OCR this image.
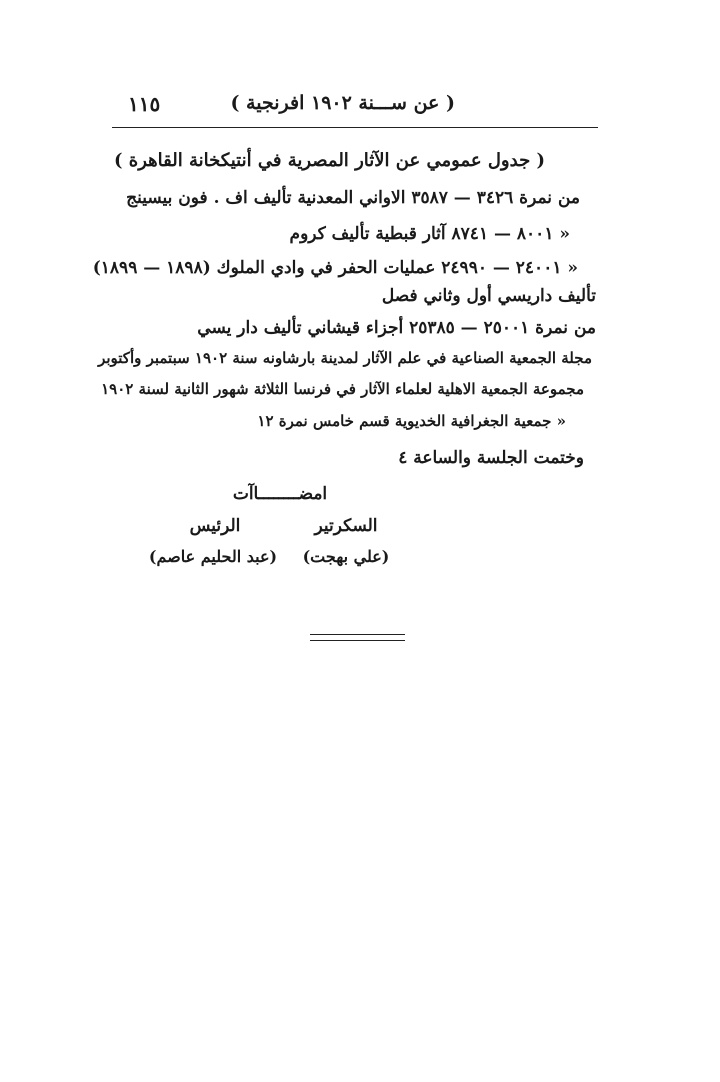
( عن ســـنة ١٩٠٢ افرنجية )
١١٥
( جدول عمومي عن الآثار المصرية في أنتيكخانة القاهرة )
من نمرة ٣٤٢٦ — ٣٥٨٧ الاواني المعدنية تأليف اف . فون بيسينج
« ٨٠٠١ — ٨٧٤١ آثار قبطية تأليف كروم
« ٢٤٠٠١ — ٢٤٩٩٠ عمليات الحفر في وادي الملوك (١٨٩٨ — ١٨٩٩)
تأليف داريسي أول وثاني فصل
من نمرة ٢٥٠٠١ — ٢٥٣٨٥ أجزاء قيشاني تأليف دار يسي
مجلة الجمعية الصناعية في علم الآثار لمدينة بارشاونه سنة ١٩٠٢ سبتمبر وأكتوبر
مجموعة الجمعية الاهلية لعلماء الآثار في فرنسا الثلاثة شهور الثانية لسنة ١٩٠٢
« جمعية الجغرافية الخديوية قسم خامس نمرة ١٢
وختمت الجلسة والساعة ٤
امضــــــــاآت
السكرتير
الرئيس
(علي بهجت)
(عبد الحليم عاصم)
